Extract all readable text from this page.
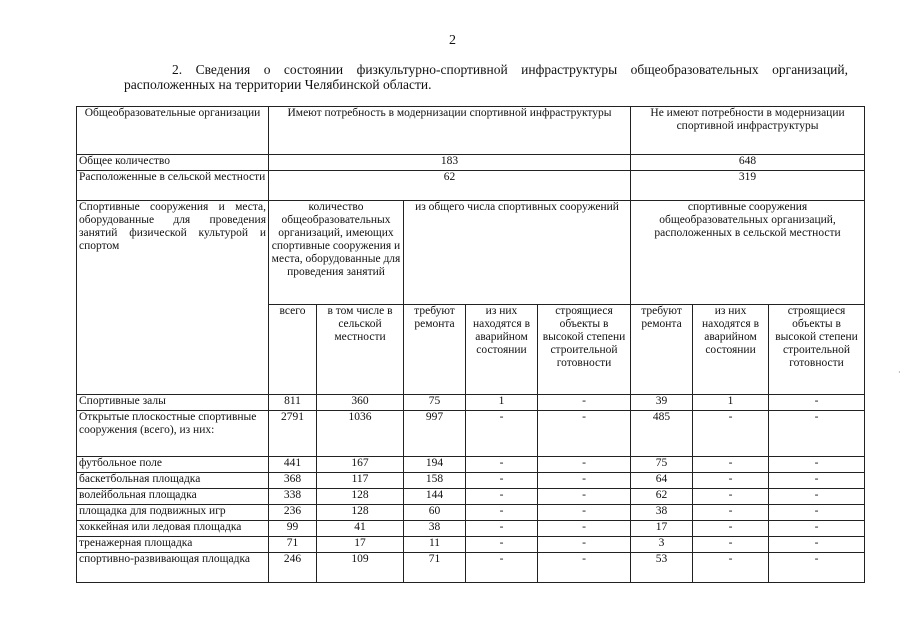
2
2. Сведения о состоянии физкультурно-спортивной инфраструктуры общеобразовательных организаций, расположенных на территории Челябинской области.
Общеобразовательные организации	Имеют потребность в модернизации спортивной инфраструктуры					Не имеют потребности в модернизации спортивной инфраструктуры		
Общее количество	183					648		
Расположенные в сельской местности	62					319		
Спортивные сооружения и места, оборудованные для проведения занятий физической культурой и спортом	количество общеобразовательных организаций, имеющих спортивные сооружения и места, оборудованные для проведения занятий		из общего числа спортивных сооружений			спортивные сооружения общеобразовательных организаций, расположенных в сельской местности		
	всего	в том числе в сельской местности	требуют ремонта	из них находятся в аварийном состоянии	строящиеся объекты в высокой степени строительной готовности	требуют ремонта	из них находятся в аварийном состоянии	строящиеся объекты в высокой степени строительной готовности
Спортивные залы	811	360	75	1	-	39	1	-
Открытые плоскостные спортивные сооружения (всего), из них:	2791	1036	997	-	-	485	-	-
футбольное поле	441	167	194	-	-	75	-	-
баскетбольная площадка	368	117	158	-	-	64	-	-
волейбольная площадка	338	128	144	-	-	62	-	-
площадка для подвижных игр	236	128	60	-	-	38	-	-
хоккейная или ледовая площадка	99	41	38	-	-	17	-	-
тренажерная площадка	71	17	11	-	-	3	-	-
спортивно-развивающая площадка	246	109	71	-	-	53	-	-
·
